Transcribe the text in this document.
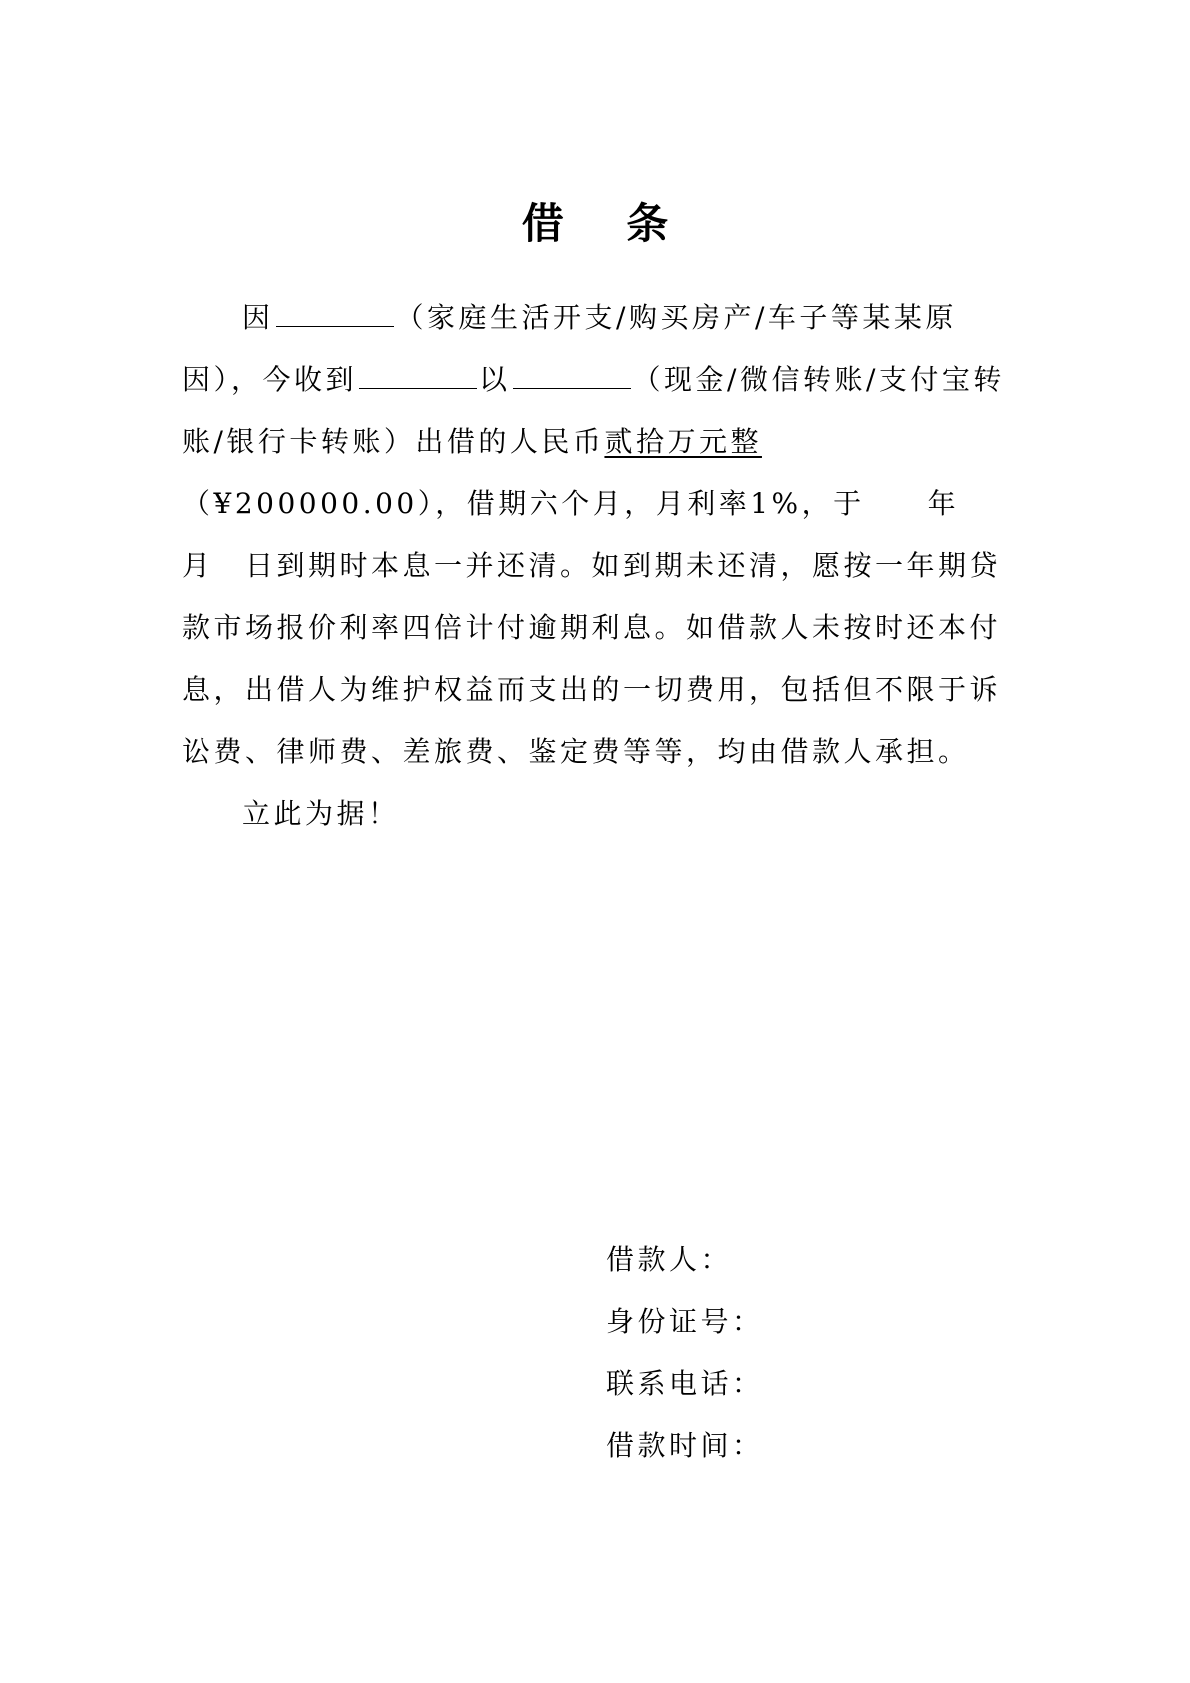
借 条

因	（家庭生活开支/购买房产/车子等某某原因），今收到	以	（现金/微信转账/支付宝转账/银行卡转账）出借的人民币贰拾万元整（¥200000.00），借期六个月，月利率1%，于　　年　月　日到期时本息一并还清。如到期未还清，愿按一年期贷款市场报价利率四倍计付逾期利息。如借款人未按时还本付息，出借人为维护权益而支出的一切费用，包括但不限于诉讼费、律师费、差旅费、鉴定费等等，均由借款人承担。

立此为据！

借款人：
身份证号：
联系电话：
借款时间：
